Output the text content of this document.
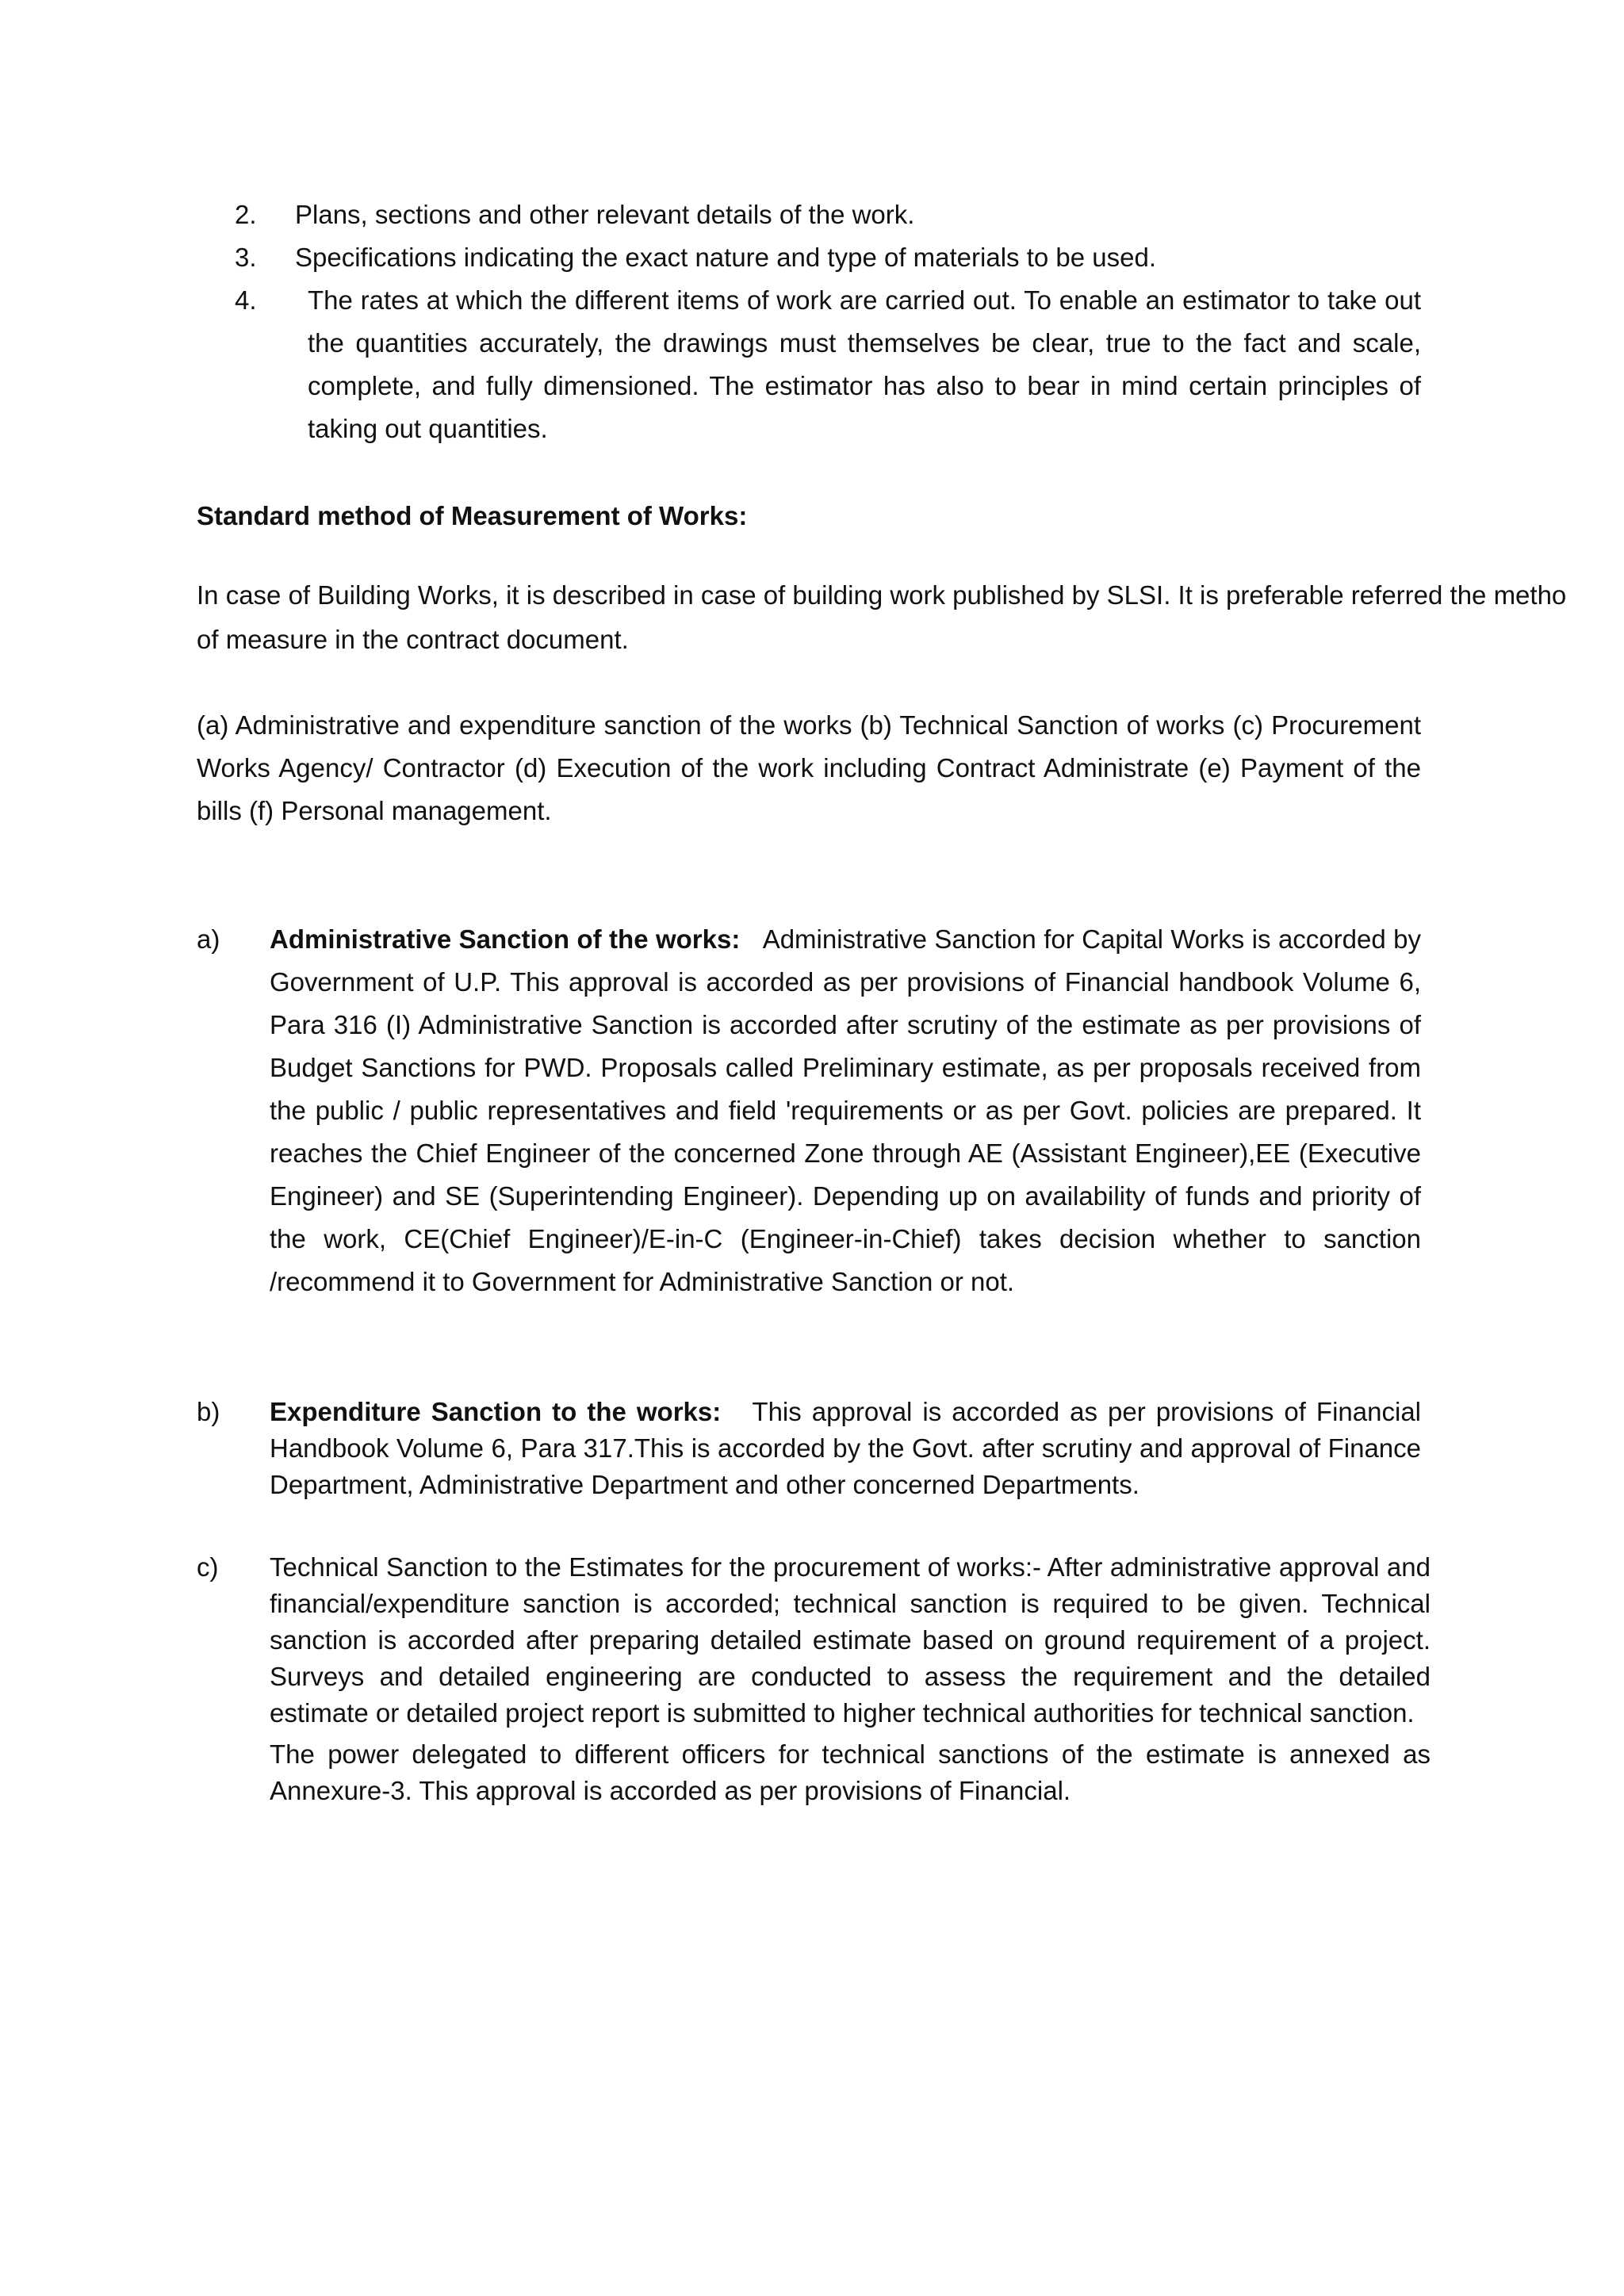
2. Plans, sections and other relevant details of the work.
3. Specifications indicating the exact nature and type of materials to be used.
4. The rates at which the different items of work are carried out. To enable an estimator to take out the quantities accurately, the drawings must themselves be clear, true to the fact and scale, complete, and fully dimensioned. The estimator has also to bear in mind certain principles of taking out quantities.
Standard method of Measurement of Works:
In case of Building Works, it is described in case of building work published by SLSI. It is preferable referred the metho
of measure in the contract document.
(a) Administrative and expenditure sanction of the works (b) Technical Sanction of works (c) Procurement Works Agency/ Contractor (d) Execution of the work including Contract Administrate (e) Payment of the bills (f) Personal management.
a) Administrative Sanction of the works: Administrative Sanction for Capital Works is accorded by Government of U.P. This approval is accorded as per provisions of Financial handbook Volume 6, Para 316 (I) Administrative Sanction is accorded after scrutiny of the estimate as per provisions of Budget Sanctions for PWD. Proposals called Preliminary estimate, as per proposals received from the public / public representatives and field 'requirements or as per Govt. policies are prepared. It reaches the Chief Engineer of the concerned Zone through AE (Assistant Engineer),EE (Executive Engineer) and SE (Superintending Engineer). Depending up on availability of funds and priority of the work, CE(Chief Engineer)/E-in-C (Engineer-in-Chief) takes decision whether to sanction /recommend it to Government for Administrative Sanction or not.
b) Expenditure Sanction to the works: This approval is accorded as per provisions of Financial Handbook Volume 6, Para 317.This is accorded by the Govt. after scrutiny and approval of Finance Department, Administrative Department and other concerned Departments.
c) Technical Sanction to the Estimates for the procurement of works:- After administrative approval and financial/expenditure sanction is accorded; technical sanction is required to be given. Technical sanction is accorded after preparing detailed estimate based on ground requirement of a project. Surveys and detailed engineering are conducted to assess the requirement and the detailed estimate or detailed project report is submitted to higher technical authorities for technical sanction.
The power delegated to different officers for technical sanctions of the estimate is annexed as Annexure-3. This approval is accorded as per provisions of Financial.
